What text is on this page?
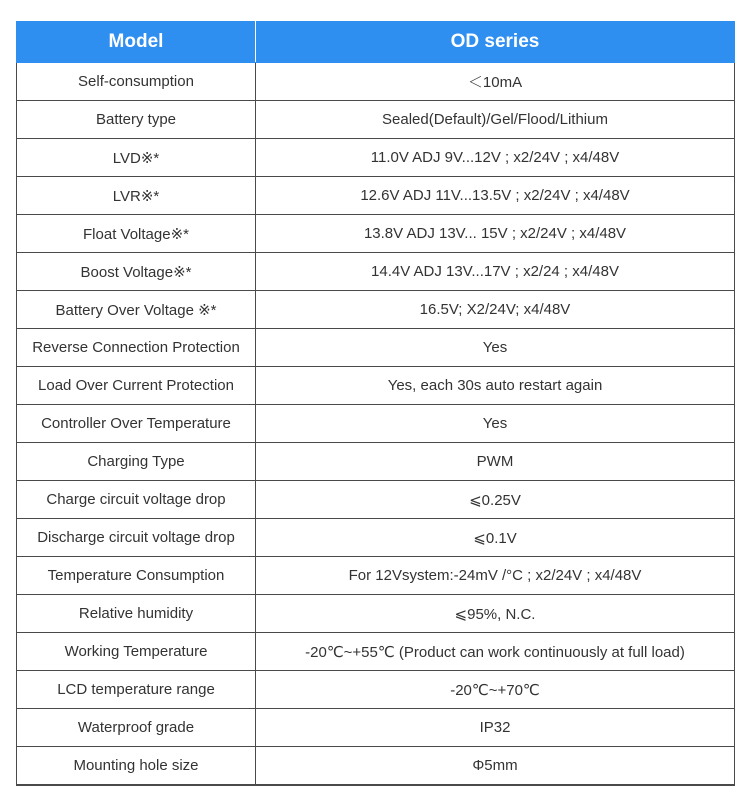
Model	OD series
Self-consumption	＜10mA
Battery type	Sealed(Default)/Gel/Flood/Lithium
LVD※*	11.0V ADJ 9V...12V ; x2/24V ; x4/48V
LVR※*	12.6V ADJ 11V...13.5V ; x2/24V ; x4/48V
Float Voltage※*	13.8V ADJ 13V... 15V ; x2/24V ; x4/48V
Boost Voltage※*	14.4V ADJ 13V...17V ; x2/24 ; x4/48V
Battery Over Voltage ※*	16.5V; X2/24V; x4/48V
Reverse Connection Protection	Yes
Load Over Current Protection	Yes, each 30s auto restart again
Controller Over Temperature	Yes
Charging Type	PWM
Charge circuit voltage drop	⩽0.25V
Discharge circuit voltage drop	⩽0.1V
Temperature Consumption	For 12Vsystem:-24mV /°C ; x2/24V ; x4/48V
Relative humidity	⩽95%, N.C.
Working Temperature	-20℃~+55℃ (Product can work continuously at full load)
LCD temperature range	-20℃~+70℃
Waterproof grade	IP32
Mounting hole size	Φ5mm
